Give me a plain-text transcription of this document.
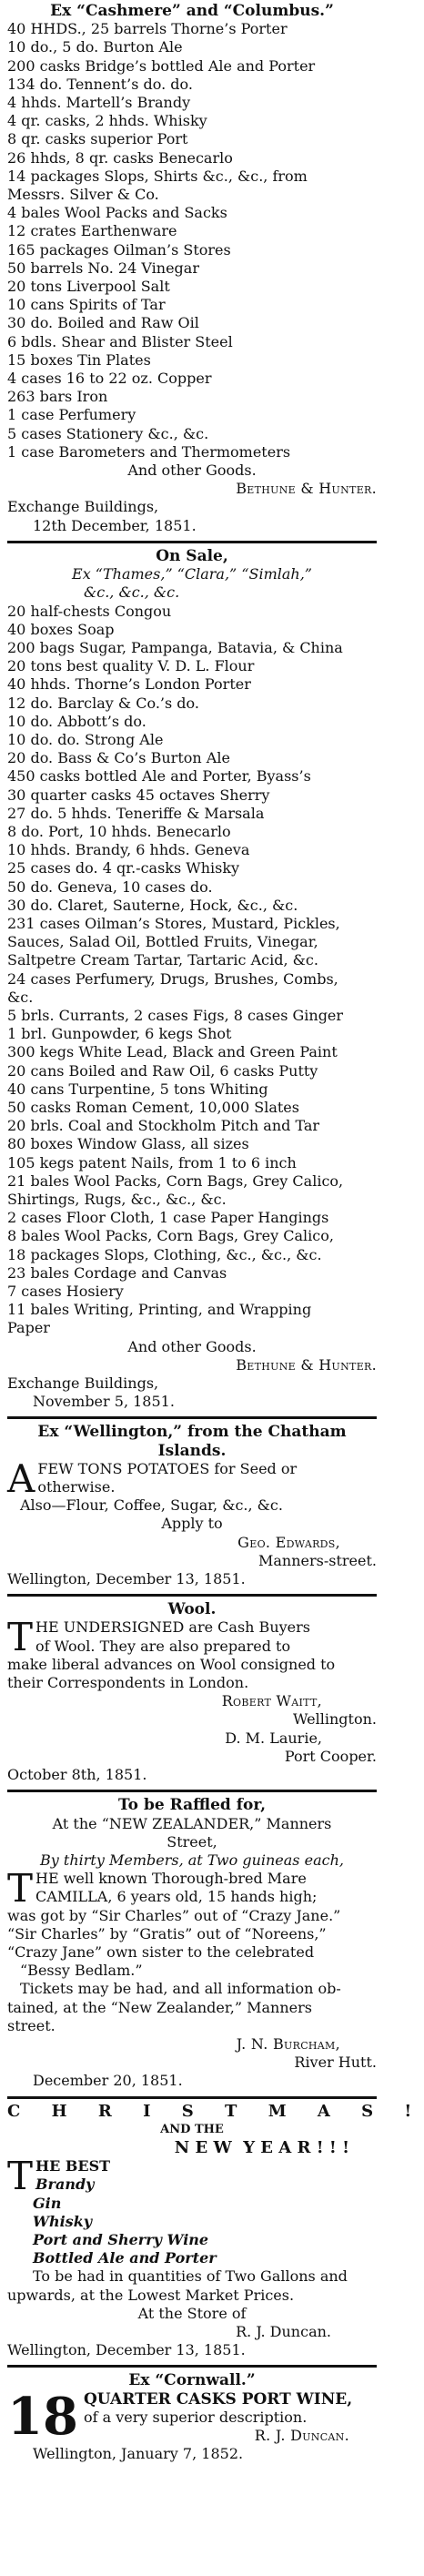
Ex “Cashmere” and “Columbus.”
40 HHDS., 25 barrels Thorne’s Porter
10 do., 5 do. Burton Ale
200 casks Bridge’s bottled Ale and Porter
134 do. Tennent’s do. do.
4 hhds. Martell’s Brandy
4 qr. casks, 2 hhds. Whisky
8 qr. casks superior Port
26 hhds, 8 qr. casks Benecarlo
14 packages Slops, Shirts &c., &c., from
Messrs. Silver & Co.
4 bales Wool Packs and Sacks
12 crates Earthenware
165 packages Oilman’s Stores
50 barrels No. 24 Vinegar
20 tons Liverpool Salt
10 cans Spirits of Tar
30 do. Boiled and Raw Oil
6 bdls. Shear and Blister Steel
15 boxes Tin Plates
4 cases 16 to 22 oz. Copper
263 bars Iron
1 case Perfumery
5 cases Stationery &c., &c.
1 case Barometers and Thermometers
And other Goods.
Bethune & Hunter.
Exchange Buildings,
12th December, 1851.
On Sale,
Ex “Thames,” “Clara,” “Simlah,”
&c., &c., &c.
20 half-chests Congou
40 boxes Soap
200 bags Sugar, Pampanga, Batavia, & China
20 tons best quality V. D. L. Flour
40 hhds. Thorne’s London Porter
12 do. Barclay & Co.’s do.
10 do. Abbott’s do.
10 do. do. Strong Ale
20 do. Bass & Co’s Burton Ale
450 casks bottled Ale and Porter, Byass’s
30 quarter casks 45 octaves Sherry
27 do. 5 hhds. Teneriffe & Marsala
8 do. Port, 10 hhds. Benecarlo
10 hhds. Brandy, 6 hhds. Geneva
25 cases do. 4 qr.-casks Whisky
50 do. Geneva, 10 cases do.
30 do. Claret, Sauterne, Hock, &c., &c.
231 cases Oilman’s Stores, Mustard, Pickles,
Sauces, Salad Oil, Bottled Fruits, Vinegar,
Saltpetre Cream Tartar, Tartaric Acid, &c.
24 cases Perfumery, Drugs, Brushes, Combs,
&c.
5 brls. Currants, 2 cases Figs, 8 cases Ginger
1 brl. Gunpowder, 6 kegs Shot
300 kegs White Lead, Black and Green Paint
20 cans Boiled and Raw Oil, 6 casks Putty
40 cans Turpentine, 5 tons Whiting
50 casks Roman Cement, 10,000 Slates
20 brls. Coal and Stockholm Pitch and Tar
80 boxes Window Glass, all sizes
105 kegs patent Nails, from 1 to 6 inch
21 bales Wool Packs, Corn Bags, Grey Calico,
Shirtings, Rugs, &c., &c., &c.
2 cases Floor Cloth, 1 case Paper Hangings
8 bales Wool Packs, Corn Bags, Grey Calico,
18 packages Slops, Clothing, &c., &c., &c.
23 bales Cordage and Canvas
7 cases Hosiery
11 bales Writing, Printing, and Wrapping
Paper
And other Goods.
Bethune & Hunter.
Exchange Buildings,
November 5, 1851.
Ex “Wellington,” from the Chatham
Islands.
A FEW TONS POTATOES for Seed or
otherwise.
Also—Flour, Coffee, Sugar, &c., &c.
Apply to
Geo. Edwards,
Manners-street.
Wellington, December 13, 1851.
Wool.
T HE UNDERSIGNED are Cash Buyers
of Wool. They are also prepared to
make liberal advances on Wool consigned to
their Correspondents in London.
Robert Waitt,
Wellington.
D. M. Laurie,
Port Cooper.
October 8th, 1851.
To be Raffled for,
At the “NEW ZEALANDER,” Manners
Street,
By thirty Members, at Two guineas each,
T HE well known Thorough-bred Mare
CAMILLA, 6 years old, 15 hands high;
was got by “Sir Charles” out of “Crazy Jane.”
“Sir Charles” by “Gratis” out of “Noreens,”
“Crazy Jane” own sister to the celebrated
“Bessy Bedlam.”
Tickets may be had, and all information ob-
tained, at the “New Zealander,” Manners
street.
J. N. Burcham,
River Hutt.
December 20, 1851.
C H R I S T M A S !
AND THE
N E W  Y E A R ! ! !
T HE BEST
Brandy
Gin
Whisky
Port and Sherry Wine
Bottled Ale and Porter
To be had in quantities of Two Gallons and
upwards, at the Lowest Market Prices.
At the Store of
R. J. Duncan.
Wellington, December 13, 1851.
Ex “Cornwall.”
18 QUARTER CASKS PORT WINE,
of a very superior description.
R. J. Duncan.
Wellington, January 7, 1852.
